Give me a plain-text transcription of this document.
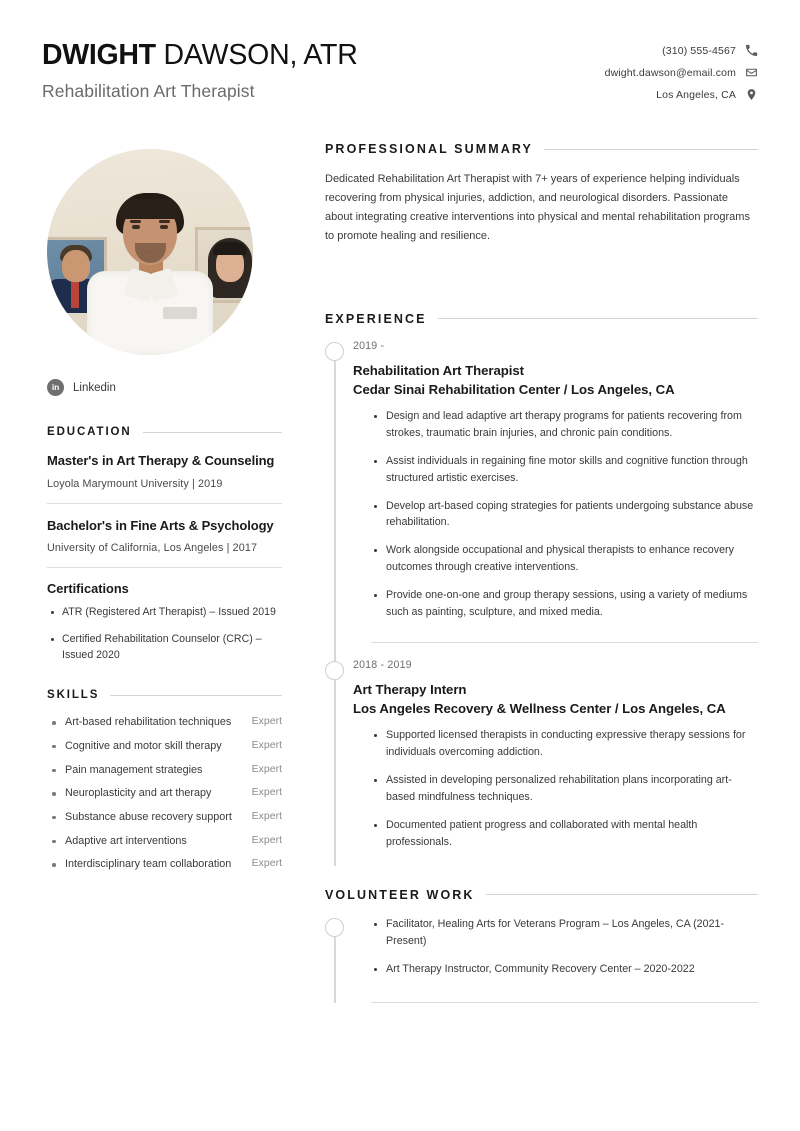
DWIGHT DAWSON, ATR
Rehabilitation Art Therapist
(310) 555-4567
dwight.dawson@email.com
Los Angeles, CA
in	Linkedin
EDUCATION
Master's in Art Therapy & Counseling
Loyola Marymount University | 2019
Bachelor's in Fine Arts & Psychology
University of California, Los Angeles | 2017
Certifications
ATR (Registered Art Therapist) – Issued 2019
Certified Rehabilitation Counselor (CRC) – Issued 2020
SKILLS
Art-based rehabilitation techniques	Expert
Cognitive and motor skill therapy	Expert
Pain management strategies	Expert
Neuroplasticity and art therapy	Expert
Substance abuse recovery support	Expert
Adaptive art interventions	Expert
Interdisciplinary team collaboration	Expert
PROFESSIONAL SUMMARY

Dedicated Rehabilitation Art Therapist with 7+ years of experience helping individuals recovering from physical injuries, addiction, and neurological disorders. Passionate about integrating creative interventions into physical and mental rehabilitation programs to promote healing and resilience.

EXPERIENCE
2019 -
Rehabilitation Art Therapist
Cedar Sinai Rehabilitation Center / Los Angeles, CA
Design and lead adaptive art therapy programs for patients recovering from strokes, traumatic brain injuries, and chronic pain conditions.
Assist individuals in regaining fine motor skills and cognitive function through structured artistic exercises.
Develop art-based coping strategies for patients undergoing substance abuse rehabilitation.
Work alongside occupational and physical therapists to enhance recovery outcomes through creative interventions.
Provide one-on-one and group therapy sessions, using a variety of mediums such as painting, sculpture, and mixed media.
2018 - 2019
Art Therapy Intern
Los Angeles Recovery & Wellness Center / Los Angeles, CA
Supported licensed therapists in conducting expressive therapy sessions for individuals overcoming addiction.
Assisted in developing personalized rehabilitation plans incorporating art-based mindfulness techniques.
Documented patient progress and collaborated with mental health professionals.
VOLUNTEER WORK
Facilitator, Healing Arts for Veterans Program – Los Angeles, CA (2021-Present)
Art Therapy Instructor, Community Recovery Center – 2020-2022
